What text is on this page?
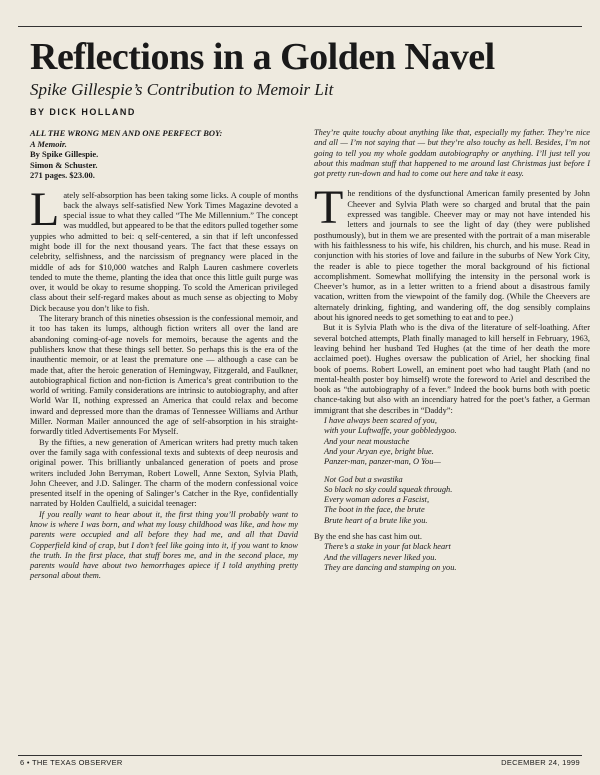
Reflections in a Golden Navel
Spike Gillespie’s Contribution to Memoir Lit
BY DICK HOLLAND
ALL THE WRONG MEN AND ONE PERFECT BOY:
A Memoir.
By Spike Gillespie.
Simon & Schuster.
271 pages. $23.00.

Lately self-absorption has been taking some licks. A couple of months back the always self-satisfied New York Times Magazine devoted a special issue to what they called “The Me Millennium.” The concept was muddled, but appeared to be that the editors pulled together some yuppies who admitted to bei: ɋ self-centered, a sin that if left unconfessed might bode ill for the next thousand years. The fact that these essays on celebrity, selfishness, and the narcissism of pregnancy were placed in the middle of ads for $10,000 watches and Ralph Lauren cashmere coverlets tended to mute the theme, planting the idea that once this little guilt purge was over, it would be okay to resume shopping. To scold the American privileged class about their self-regard makes about as much sense as objecting to Moby Dick because you don’t like to fish.

The literary branch of this nineties obsession is the confessional memoir, and it too has taken its lumps, although fiction writers all over the land are abandoning coming-of-age novels for memoirs, because the agents and the publishers know that these things sell better. So perhaps this is the era of the inauthentic memoir, or at least the premature one — although a case can be made that, after the heroic generation of Hemingway, Fitzgerald, and Faulkner, autobiographical fiction and non-fiction is America’s great contribution to the world of writing. Family considerations are intrinsic to autobiography, and after World War II, nothing expressed an America that could relax and become inward and depressed more than the dramas of Tennessee Williams and Arthur Miller. Norman Mailer announced the age of self-absorption in his straight-forwardly titled Advertisements For Myself.

By the fifties, a new generation of American writers had pretty much taken over the family saga with confessional texts and subtexts of deep neurosis and original power. This brilliantly unbalanced generation of poets and prose writers included John Berryman, Robert Lowell, Anne Sexton, Sylvia Plath, John Cheever, and J.D. Salinger. The charm of the modern confessional voice presented itself in the opening of Salinger’s Catcher in the Rye, confidentially narrated by Holden Caulfield, a suicidal teenager:

If you really want to hear about it, the first thing you’ll probably want to know is where I was born, and what my lousy childhood was like, and how my parents were occupied and all before they had me, and all that David Copperfield kind of crap, but I don’t feel like going into it, if you want to know the truth. In the first place, that stuff bores me, and in the second place, my parents would have about two hemorrhages apiece if I told anything pretty personal about them.

They’re quite touchy about anything like that, especially my father. They’re nice and all — I’m not saying that — but they’re also touchy as hell. Besides, I’m not going to tell you my whole goddam autobiography or anything. I’ll just tell you about this madman stuff that happened to me around last Christmas just before I got pretty run-down and had to come out here and take it easy.

The renditions of the dysfunctional American family presented by John Cheever and Sylvia Plath were so charged and brutal that the pain expressed was tangible. Cheever may or may not have intended his letters and journals to see the light of day (they were published posthumously), but in them we are presented with the portrait of a man miserable with his faithlessness to his wife, his children, his church, and his muse. Read in conjunction with his stories of love and failure in the suburbs of New York City, the reader is able to piece together the moral background of his fictional accomplishment. Somewhat mollifying the intensity in the personal work is Cheever’s humor, as in a letter written to a friend about a disastrous family vacation, written from the viewpoint of the family dog. (While the Cheevers are alternately drinking, fighting, and wandering off, the dog sensibly complains about his ignored needs to get something to eat and to pee.)

But it is Sylvia Plath who is the diva of the literature of self-loathing. After several botched attempts, Plath finally managed to kill herself in February, 1963, leaving behind her husband Ted Hughes (at the time of her death the more acclaimed poet). Hughes oversaw the publication of Ariel, her shocking final book of poems. Robert Lowell, an eminent poet who had taught Plath (and no mental-health poster boy himself) wrote the foreword to Ariel and described the book as “the autobiography of a fever.” Indeed the book burns both with poetic chance-taking but also with an incendiary hatred for the poet’s father, a German immigrant that she describes in “Daddy”:

I have always been scared of you,
with your Luftwaffe, your gobbledygoo.
And your neat moustache
And your Aryan eye, bright blue.
Panzer-man, panzer-man, O You—
Not God but a swastika
So black no sky could squeak through.
Every woman adores a Fascist,
The boot in the face, the brute
Brute heart of a brute like you.

By the end she has cast him out.

There’s a stake in your fat black heart
And the villagers never liked you.
They are dancing and stamping on you.
6 • THE TEXAS OBSERVER	DECEMBER 24, 1999
